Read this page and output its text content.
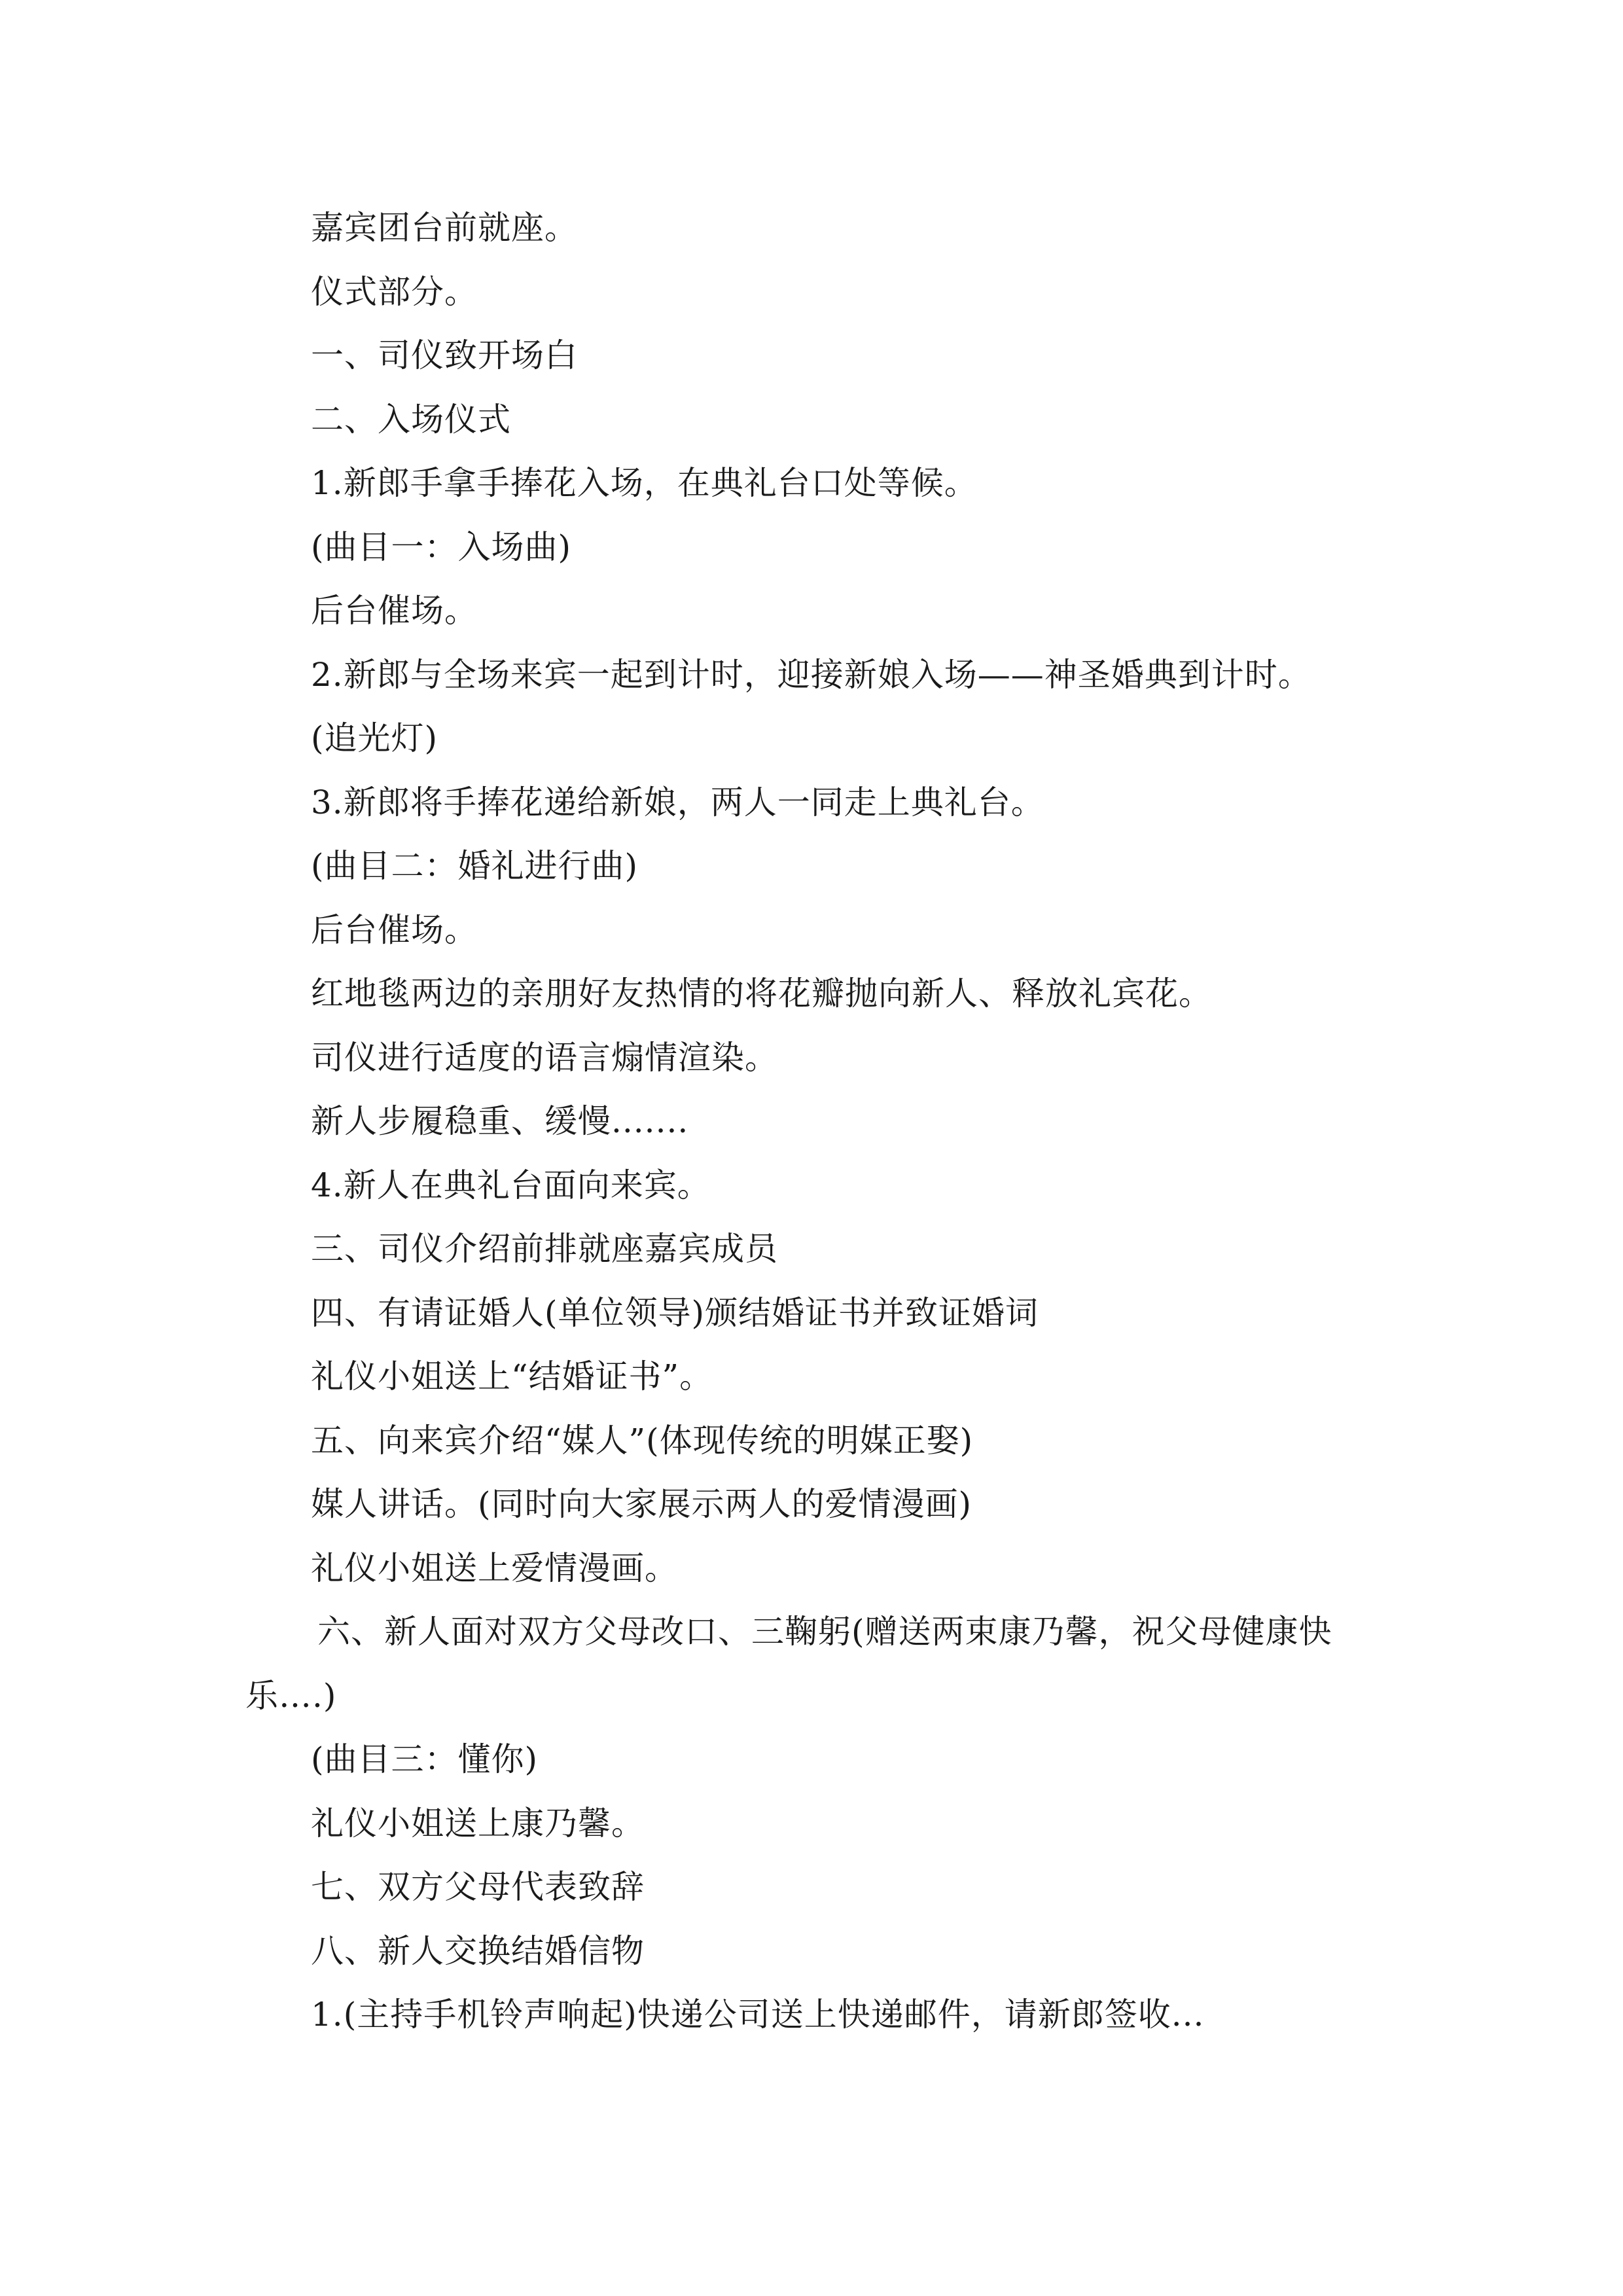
嘉宾团台前就座。

仪式部分。

一、司仪致开场白

二、入场仪式

1.新郎手拿手捧花入场，在典礼台口处等候。

(曲目一：入场曲)

后台催场。

2.新郎与全场来宾一起到计时，迎接新娘入场——神圣婚典到计时。

(追光灯)

3.新郎将手捧花递给新娘，两人一同走上典礼台。

(曲目二：婚礼进行曲)

后台催场。

红地毯两边的亲朋好友热情的将花瓣抛向新人、释放礼宾花。

司仪进行适度的语言煽情渲染。

新人步履稳重、缓慢.......

4.新人在典礼台面向来宾。

三、司仪介绍前排就座嘉宾成员

四、有请证婚人(单位领导)颁结婚证书并致证婚词

礼仪小姐送上“结婚证书”。

五、向来宾介绍“媒人”(体现传统的明媒正娶)

媒人讲话。(同时向大家展示两人的爱情漫画)

礼仪小姐送上爱情漫画。

六、新人面对双方父母改口、三鞠躬(赠送两束康乃馨，祝父母健康快乐….)

(曲目三：懂你)

礼仪小姐送上康乃馨。

七、双方父母代表致辞

八、新人交换结婚信物

1.(主持手机铃声响起)快递公司送上快递邮件，请新郎签收...
